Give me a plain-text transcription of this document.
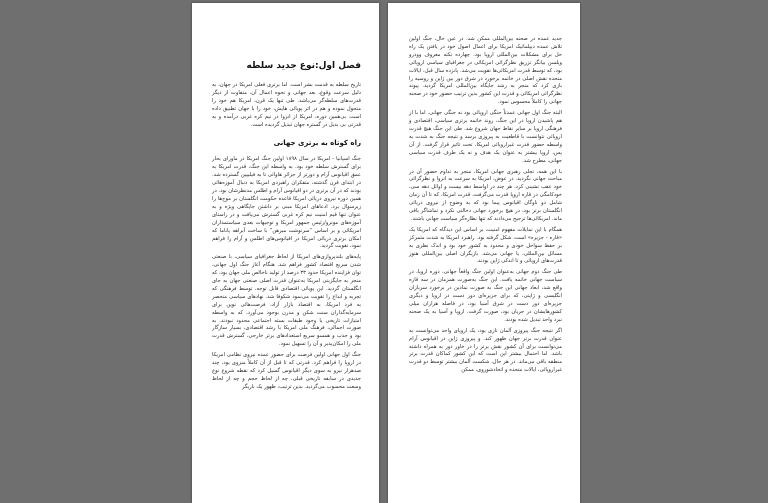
فصل اول:نوع جديد سلطه

تاريخ سلطه به قدمت بشر است. اما برتری فعلی امريكا در جهان، به دليل سرعت وقوع، بعد جهانی و نحوه اعمال آن، متفاوت از ديگر قدرت‌های سلطه‌گر می‌باشد. طی تنها يک قرن، امريكا هم خود را متحول نموده و هم در اثر پويائی هايش، خود را با جهان تطبيق داده است. بی‌همين دوره، امريكا از انزوا در نيم كره غربی درآمده و به قدرتی بی بديل در گستره جهان تبديل گرديده است.

راه کوتاه به برتری جهانی

جنگ اسپانیا - امريكا در سال ۱۸۹۸ اولين جنگ امريكا در ماورای بحار برای گسترش سلطه خود بود. به واسطه اين جنگ، قدرت امريكا به عمق اقيانوس آرام و دورتر از جزائر هاوائی تا به فيليپين گسترده شد. در ابتدای قرن گذشته، متفكران راهبردی امريكا به دنبال آموزه‌هائی بودند كه در آن برتری در دو اقيانوس آرام و اطلس مدنظرشان بود. در همين دوره نيروی دريائی امريكا قاعده حكومت انگلستان بر موج‌ها را زيرسوال برد. ادعاهای امريكا مبنی بر داشتن جايگاهی ويژه و به عنوان تنها قيم امنيت نيم كره غربی گسترش می‌يافت و در راستای آموزه‌های مونرو/رئيس جمهور امريكا و توجيهات بعدی سياستمداران امريكائی و بر اساس “سرنوشت مبرهن” با ساخت آبراهه پاناما كه امكان برتری دريائی امريكا در اقيانوس‌های اطلس و آرام را فراهم نمود، تقويت گرديد.

پايه‌های بلندپروازی‌های امريكا از لحاظ جغرافيای سياسی، با صنعتی شدن سريع اقتصاد كشور فراهم شد. هنگام آغاز جنگ اول جهانی، توان فزاينده امريكا حدود ۳۳ درصد از توليد ناخالص ملی جهان بود، كه منجر به جايگزينی امريكا به‌عنوان قدرت اصلی صنعتی جهان به جای انگلستان گرديد. اين پويائی اقتصادی قابل توجه، توسط فرهنگی كه تجربه و ابداع را تقويت می‌نمود شكوفا شد. نهادهای سياسی منحصر به فرد امريكا، به اقتصاد بازار آزاد، فرصت‌هائی نوين برای سرمايه‌گذاران سنت شكن و مدرن بوجود می‌آورد، كه به واسطه امتيازات تاريخی يا وجود طبقات بسته اجتماعی محدود نبودند. به صورت اجمالی، فرهنگ ملی امريكا با رشد اقتصادی، بسيار سازگار بود و جذب و همسو سريع استعدادهای برتر خارجی، گسترش قدرت ملی را امكان‌پذير و آن را تسهيل نمود.

جنگ اول جهانی اولين فرصت برای حضور عمده نيروی نظامی امريكا در اروپا را فراهم كرد. قدرتی كه تا قبل از آن كاملاً منزوی بود، چند صدهزار نيرو به سوی ديگر اقيانوس گسيل كرد كه نقطه شروع نوع جديدی در سابقه تاريخی قبلی، چه از لحاظ حجم و چه از لحاظ وسعت محسوب می‌گرديد. بدين ترتيب، ظهور يک بازيگر

جديد عمده در صحنه بين‌المللی ممكن شد. در عين حال، جنگ اولين تلاش عمده ديپلماتيک امريكا برای اعمال اصول خود در يافتن يک راه حل برای مشكلات بين‌المللی اروپا بود. چهارده نكته معروف وودرو ويلسن بيانگر تزريق نظرگرائی امريكائی در جغرافيای سياسی اروپائی بود، كه توسط قدرت امريكائی‌ها تقويت می‌شد. ‌پانزده سال قبل، ايالات متحده نقش اصلی در خاتمه برخورد در شرق دور بين ژاپن و روسيه را بازی كرد كه منجر به رشد جايگاه بين‌المللی امريكا گرديد. پيوند نظرگرائی امريكائی و قدرت اين كشور بدين ترتيب حضور خود در صحنه جهانی را كاملاً محسوس نمود.

البته جنگ اول جهانی عمدتاً جنگی اروپائی بود نه جنگی جهانی. اما با از هم پاشيدن اروپا در اين جنگ، روند خاتمه برتری سياسی، اقتصادی و فرهنگی اروپا بر ساير نقاط جهان شروع شد. طی اين جنگ هيچ قدرت اروپائی نتوانست با قاطعيت به پيروزی برسد و نتيجه جنگ به شدت به واسطه حضور قدرت غيراروپائی امريكا، تحت تاثير قرار گرفت. از آن پس، اروپا بيشتر به عنوان يک هدف و نه يک طرف قدرت سياسی جهانی، مطرح شد.

با اين همه، تجلی رهبری جهانی امريكا، منجر به تداوم حضور آن در مباحث جهانی نگرديد. در عوض، امريكا به سرعت به انزوا و نظرگرائی خود عقب نشينی كرد. هر چند در اواسط دهه بيست و اوائل دهه سی، خودكامگی در قاره اروپا قدرت می‌گرفت، قدرت امريكا، كه تا آن زمان شامل دو ناوگان اقيانوس پيما بود كه به وضوح از نيروی دريائی انگلستان برتر بود، در هيچ برخورد جهانی دخالتی نكرد و تماشاگر باقی ماند. امريكائی‌ها ترجيح می‌دادند كه تنها نظاره‌گر سياست جهانی باشند.

همگام با اين تمايلات مفهوم امنيت، بر اساس اين ديدگاه كه امريكا يک «قاره - جزيره» است، شكل گرفته بود. راهبرد امريكا به شدت متمركز بر حفظ سواحل خودی و محدود به كشور خود بود و اندک نظری به مسائل بين‌المللی، يا جهانی می‌شد. بازيگران اصلی بين‌المللی هنوز قدرت‌های اروپائی و تا اندكی ژاپن بودند.

طی جنگ دوم جهانی به‌عنوان اولين جنگ واقعاً جهانی، دوره اروپا، در سياست جهانی خاتمه يافت. اين جنگ به‌صورت همزمان در سه قاره واقع شد، ابعاد جهانی اين جنگ به صورت نمادين در برخورد سربازان انگليسی و ژاپنی، كه برای جزيره‌ای دور دست در اروپا و ديگری جزيره‌ای دور دست در شرق آسيا بود، در فاصله هزاران ميلی كشورهايشان در جريان بود، صورت گرفت. اروپا و آسيا به يک صحنه نبرد واحد تبديل شده بودند.

اگر نتيجه جنگ پيروزی آلمان نازی بود، يک اروپای واحد می‌توانست به عنوان قدرت برتر جهان ظهور كند. و پيروزی ژاپن در اقيانوس آرام می‌توانست برای آن كشور نقش برتر را در خاور دور به همراه داشته باشد. اما احتمال بيشتر اين است كه اين كشور كماكان قدرت برتر منطقه باقی می‌ماند. در هر حال، شكست آلمان بيشتر توسط دو قدرت غيراروپائی، ايالات متحده و اتحادشوروی، ممكن
